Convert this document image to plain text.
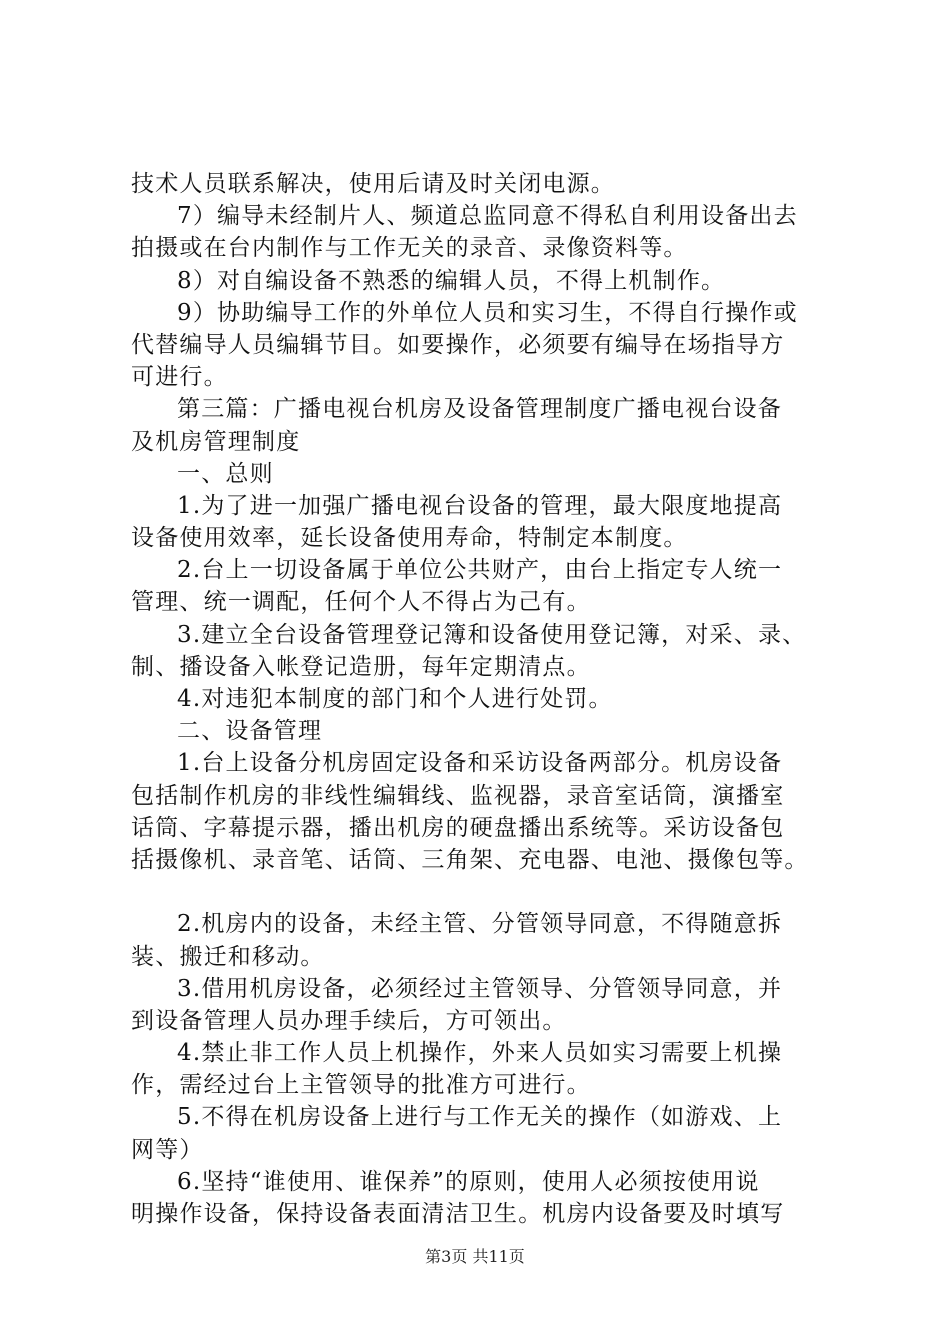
技术人员联系解决，使用后请及时关闭电源。
7）编导未经制片人、频道总监同意不得私自利用设备出去
拍摄或在台内制作与工作无关的录音、录像资料等。
8）对自编设备不熟悉的编辑人员，不得上机制作。
9）协助编导工作的外单位人员和实习生，不得自行操作或
代替编导人员编辑节目。如要操作，必须要有编导在场指导方
可进行。
第三篇：广播电视台机房及设备管理制度广播电视台设备
及机房管理制度
一、总则
1.为了进一加强广播电视台设备的管理，最大限度地提高
设备使用效率，延长设备使用寿命，特制定本制度。
2.台上一切设备属于单位公共财产，由台上指定专人统一
管理、统一调配，任何个人不得占为己有。
3.建立全台设备管理登记簿和设备使用登记簿，对采、录、
制、播设备入帐登记造册，每年定期清点。
4.对违犯本制度的部门和个人进行处罚。
二、设备管理
1.台上设备分机房固定设备和采访设备两部分。机房设备
包括制作机房的非线性编辑线、监视器，录音室话筒，演播室
话筒、字幕提示器，播出机房的硬盘播出系统等。采访设备包
括摄像机、录音笔、话筒、三角架、充电器、电池、摄像包等。
2.机房内的设备，未经主管、分管领导同意，不得随意拆
装、搬迁和移动。
3.借用机房设备，必须经过主管领导、分管领导同意，并
到设备管理人员办理手续后，方可领出。
4.禁止非工作人员上机操作，外来人员如实习需要上机操
作，需经过台上主管领导的批准方可进行。
5.不得在机房设备上进行与工作无关的操作（如游戏、上
网等）
6.坚持“谁使用、谁保养”的原则，使用人必须按使用说
明操作设备，保持设备表面清洁卫生。机房内设备要及时填写
第3页 共11页
